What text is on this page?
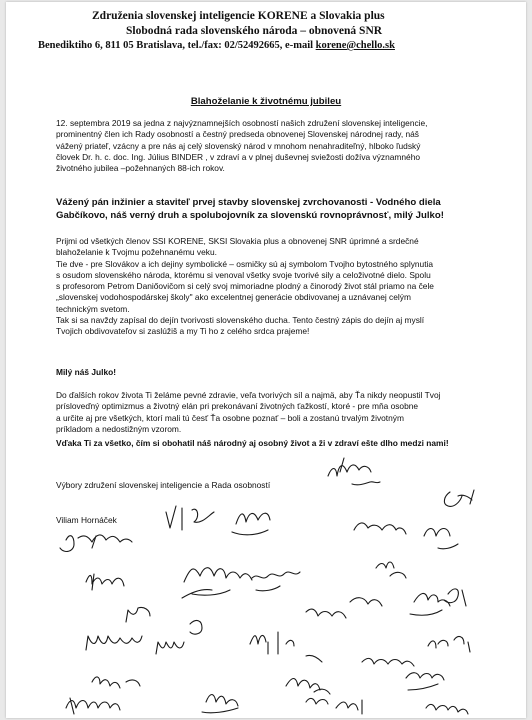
Združenia slovenskej inteligencie KORENE a Slovakia plus
Slobodná rada slovenského národa – obnovená SNR
Benediktiho 6, 811 05 Bratislava, tel./fax: 02/52492665, e-mail korene@chello.sk
Blahoželanie k životnému jubileu
12. septembra 2019 sa jedna z najvýznamnejších osobností našich združení slovenskej inteligencie,
prominentný člen ich Rady osobností a čestný predseda obnovenej Slovenskej národnej rady, náš
vážený priateľ, vzácny a pre nás aj celý slovenský národ v mnohom nenahraditeľný, hlboko ľudský
človek Dr. h. c. doc. Ing. Július BINDER , v zdraví a v plnej duševnej sviežosti dožíva významného
životného jubilea –požehnaných 88-ich rokov.
Vážený pán inžinier a staviteľ prvej stavby slovenskej zvrchovanosti - Vodného diela
Gabčíkovo, náš verný druh a spolubojovník za slovenskú rovnoprávnosť, milý Julko!
Prijmi od všetkých členov SSI KORENE, SKSI Slovakia plus a obnovenej SNR úprimné a srdečné
blahoželanie k Tvojmu požehnanému veku.
Tie dve - pre Slovákov a ich dejiny symbolické – osmičky sú aj symbolom Tvojho bytostného splynutia
s osudom slovenského národa, ktorému si venoval všetky svoje tvorivé sily a celoživotné dielo. Spolu
s profesorom Petrom Daniőovičom si celý svoj mimoriadne plodný a činorodý život stál priamo na čele
„slovenskej vodohospodárskej školy" ako excelentnej generácie obdivovanej a uznávanej celým
technickým svetom.
Tak si sa navždy zapísal do dejín tvorivosti slovenského ducha. Tento čestný zápis do dejín aj myslí
Tvojich obdivovateľov si zaslúžiš a my Ti ho z celého srdca prajeme!
Milý náš Julko!
Do ďalších rokov života Ti želáme pevné zdravie, veľa tvorivých síl a najmä, aby Ťa nikdy neopustil Tvoj
prísloveďný optimizmus a životný elán pri prekonávaní životných ťažkostí, ktoré - pre mňa osobne
a určite aj pre všetkých, ktorí mali tú česť Ťa osobne poznať – boli a zostanú trvalým životným
príkladom a nedostižným vzorom.
Vďaka Ti za všetko, čím si obohatil náš národný aj osobný život a ži v zdraví ešte dlho medzi nami!
Výbory združení slovenskej inteligencie a Rada osobností
Viliam Hornáček
